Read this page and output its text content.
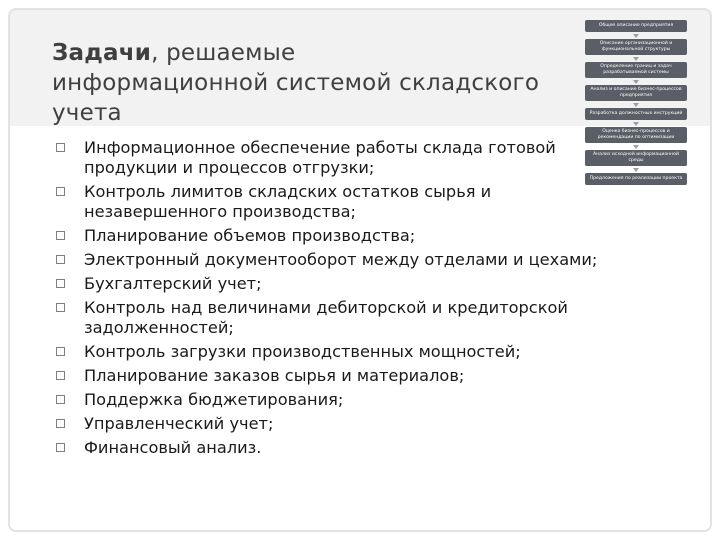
Задачи, решаемые
информационной системой складского учета
Общее описание предприятия
Описание организационной и функциональной структуры
Определение границ и задач разрабатываемой системы
Анализ и описание бизнес-процессов предприятия
Разработка должностных инструкций
Оценка бизнес-процессов и рекомендации по оптимизации
Анализ исходной информационной среды
Предложения по реализации проекта
Информационное обеспечение работы склада готовой продукции и процессов отгрузки;
Контроль лимитов складских остатков сырья и незавершенного производства;
Планирование объемов производства;
Электронный документооборот между отделами и цехами;
Бухгалтерский учет;
Контроль над величинами дебиторской и кредиторской задолженностей;
Контроль загрузки производственных мощностей;
Планирование заказов сырья и материалов;
Поддержка бюджетирования;
Управленческий учет;
Финансовый анализ.
